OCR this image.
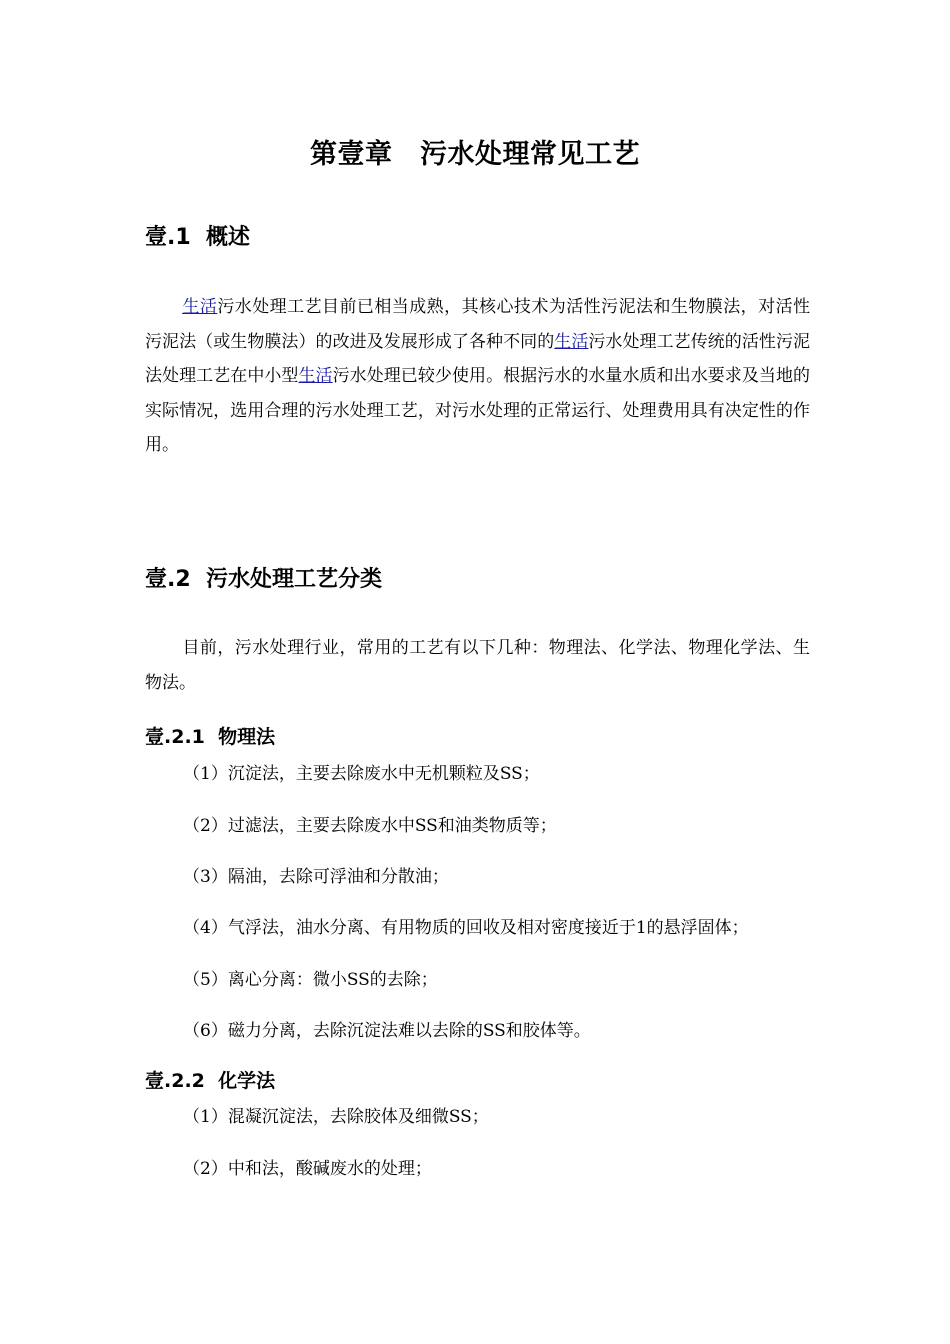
第壹章　污水处理常见工艺
壹.1  概述
生活污水处理工艺目前已相当成熟，其核心技术为活性污泥法和生物膜法，对活性污泥法（或生物膜法）的改进及发展形成了各种不同的生活污水处理工艺传统的活性污泥法处理工艺在中小型生活污水处理已较少使用。根据污水的水量水质和出水要求及当地的实际情况，选用合理的污水处理工艺，对污水处理的正常运行、处理费用具有决定性的作用。
壹.2  污水处理工艺分类
目前，污水处理行业，常用的工艺有以下几种：物理法、化学法、物理化学法、生物法。
壹.2.1  物理法
（1）沉淀法，主要去除废水中无机颗粒及SS；
（2）过滤法，主要去除废水中SS和油类物质等；
（3）隔油，去除可浮油和分散油；
（4）气浮法，油水分离、有用物质的回收及相对密度接近于1的悬浮固体；
（5）离心分离：微小SS的去除；
（6）磁力分离，去除沉淀法难以去除的SS和胶体等。
壹.2.2  化学法
（1）混凝沉淀法，去除胶体及细微SS；
（2）中和法，酸碱废水的处理；
